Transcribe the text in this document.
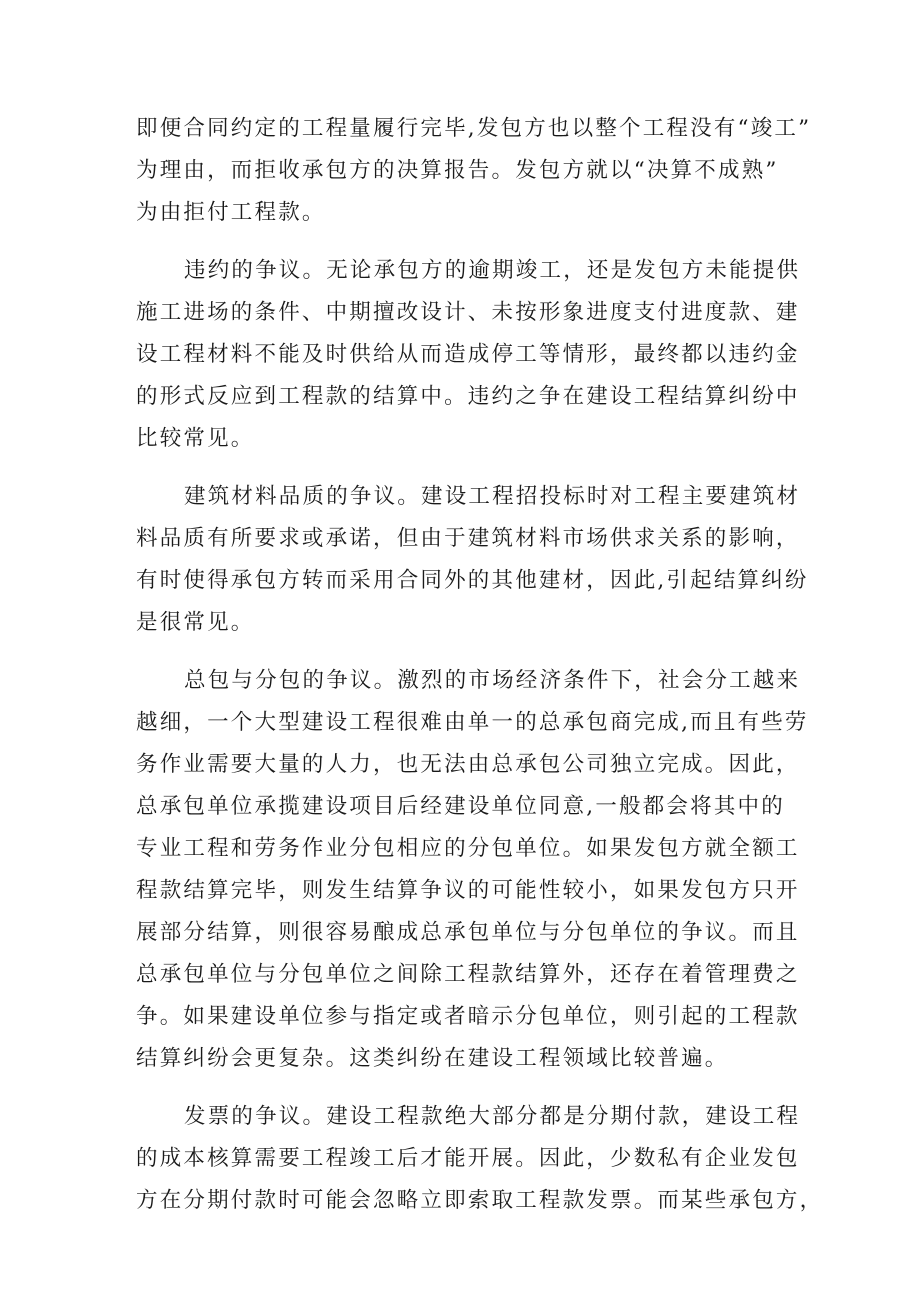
即便合同约定的工程量履行完毕,发包方也以整个工程没有“竣工”
为理由，而拒收承包方的决算报告。发包方就以“决算不成熟”
为由拒付工程款。
违约的争议。无论承包方的逾期竣工，还是发包方未能提供
施工进场的条件、中期擅改设计、未按形象进度支付进度款、建
设工程材料不能及时供给从而造成停工等情形，最终都以违约金
的形式反应到工程款的结算中。违约之争在建设工程结算纠纷中
比较常见。
建筑材料品质的争议。建设工程招投标时对工程主要建筑材
料品质有所要求或承诺，但由于建筑材料市场供求关系的影响，
有时使得承包方转而采用合同外的其他建材，因此,引起结算纠纷
是很常见。
总包与分包的争议。激烈的市场经济条件下，社会分工越来
越细，一个大型建设工程很难由单一的总承包商完成,而且有些劳
务作业需要大量的人力，也无法由总承包公司独立完成。因此，
总承包单位承揽建设项目后经建设单位同意,一般都会将其中的
专业工程和劳务作业分包相应的分包单位。如果发包方就全额工
程款结算完毕，则发生结算争议的可能性较小，如果发包方只开
展部分结算，则很容易酿成总承包单位与分包单位的争议。而且
总承包单位与分包单位之间除工程款结算外，还存在着管理费之
争。如果建设单位参与指定或者暗示分包单位，则引起的工程款
结算纠纷会更复杂。这类纠纷在建设工程领域比较普遍。
发票的争议。建设工程款绝大部分都是分期付款，建设工程
的成本核算需要工程竣工后才能开展。因此，少数私有企业发包
方在分期付款时可能会忽略立即索取工程款发票。而某些承包方，
